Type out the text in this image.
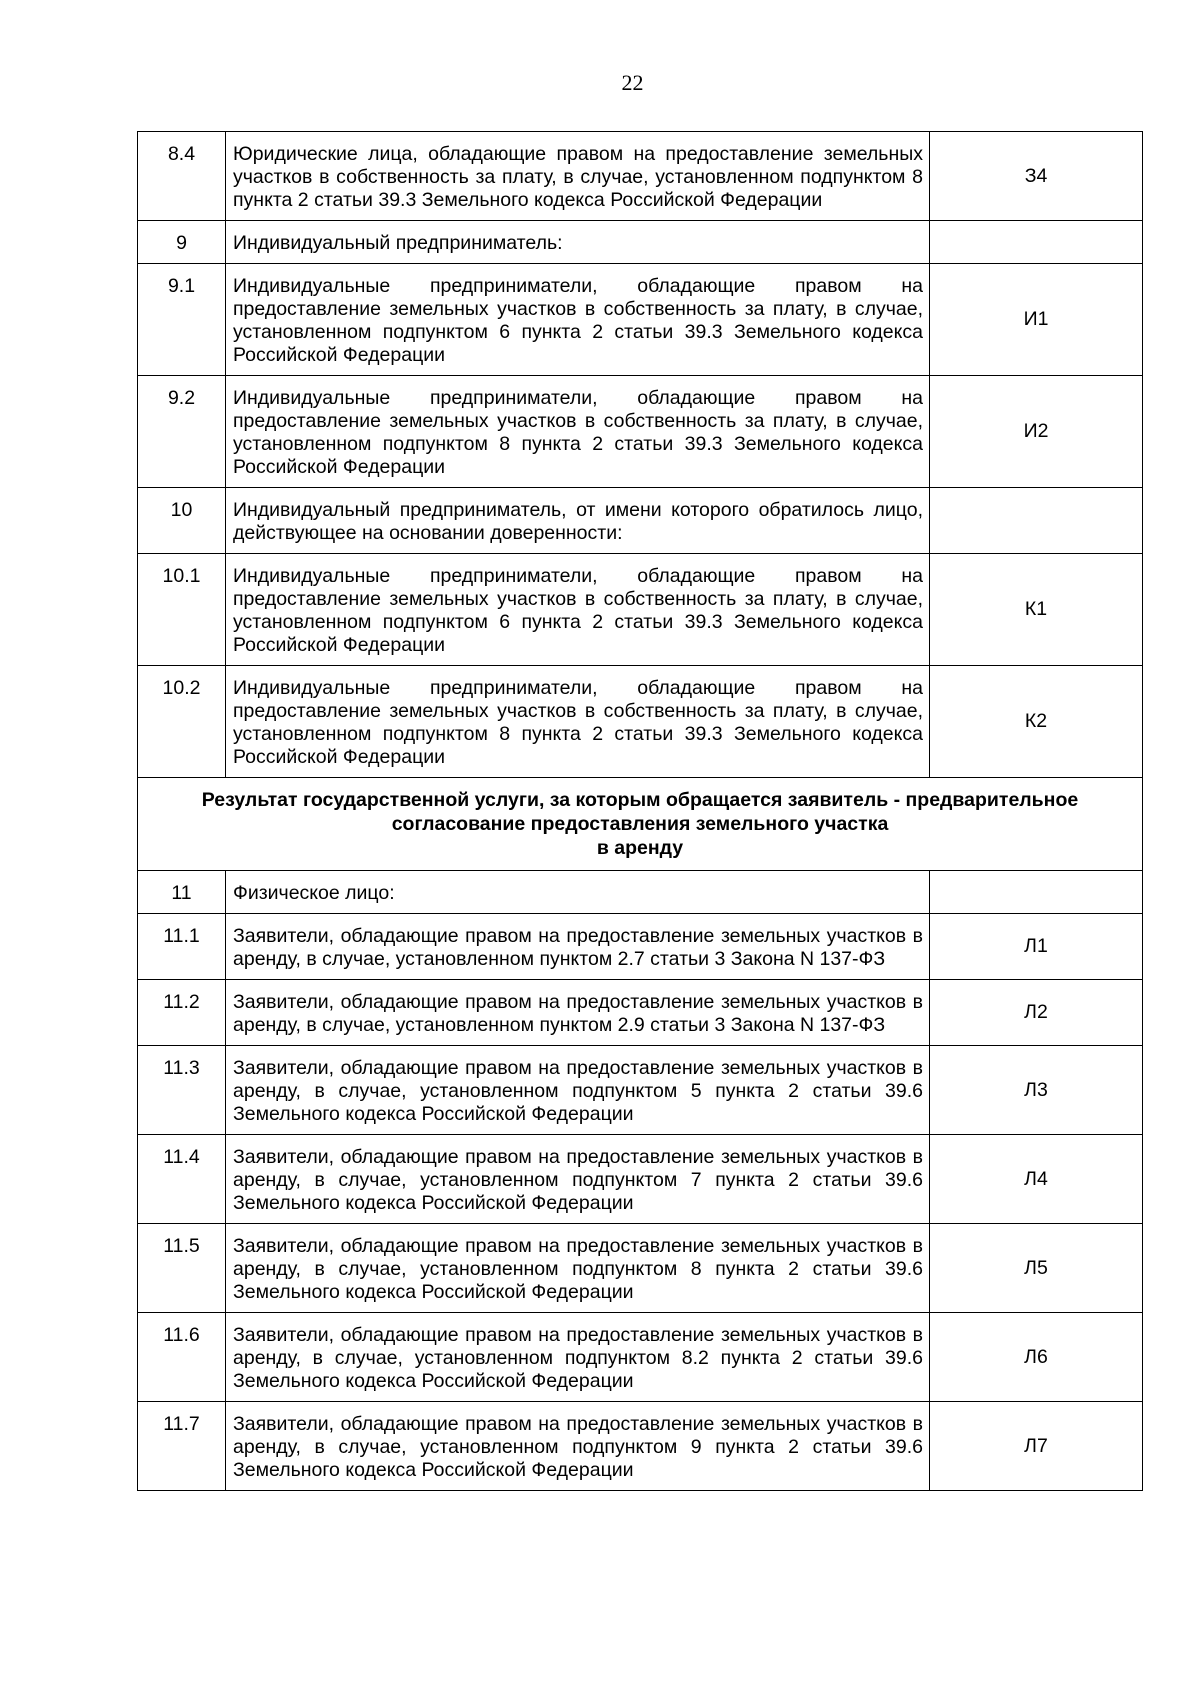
22
8.4	Юридические лица, обладающие правом на предоставление земельных участков в собственность за плату, в случае, установленном подпунктом 8 пункта 2 статьи 39.3 Земельного кодекса Российской Федерации	З4
9	Индивидуальный предприниматель:	
9.1	Индивидуальные предприниматели, обладающие правом на предоставление земельных участков в собственность за плату, в случае, установленном подпунктом 6 пункта 2 статьи 39.3 Земельного кодекса Российской Федерации	И1
9.2	Индивидуальные предприниматели, обладающие правом на предоставление земельных участков в собственность за плату, в случае, установленном подпунктом 8 пункта 2 статьи 39.3 Земельного кодекса Российской Федерации	И2
10	Индивидуальный предприниматель, от имени которого обратилось лицо, действующее на основании доверенности:	
10.1	Индивидуальные предприниматели, обладающие правом на предоставление земельных участков в собственность за плату, в случае, установленном подпунктом 6 пункта 2 статьи 39.3 Земельного кодекса Российской Федерации	К1
10.2	Индивидуальные предприниматели, обладающие правом на предоставление земельных участков в собственность за плату, в случае, установленном подпунктом 8 пункта 2 статьи 39.3 Земельного кодекса Российской Федерации	К2

Результат государственной услуги, за которым обращается заявитель - предварительное
согласование предоставления земельного участка
в аренду		

11	Физическое лицо:	
11.1	Заявители, обладающие правом на предоставление земельных участков в аренду, в случае, установленном пунктом 2.7 статьи 3 Закона N 137-ФЗ	Л1
11.2	Заявители, обладающие правом на предоставление земельных участков в аренду, в случае, установленном пунктом 2.9 статьи 3 Закона N 137-ФЗ	Л2
11.3	Заявители, обладающие правом на предоставление земельных участков в аренду, в случае, установленном подпунктом 5 пункта 2 статьи 39.6 Земельного кодекса Российской Федерации	Л3
11.4	Заявители, обладающие правом на предоставление земельных участков в аренду, в случае, установленном подпунктом 7 пункта 2 статьи 39.6 Земельного кодекса Российской Федерации	Л4
11.5	Заявители, обладающие правом на предоставление земельных участков в аренду, в случае, установленном подпунктом 8 пункта 2 статьи 39.6 Земельного кодекса Российской Федерации	Л5
11.6	Заявители, обладающие правом на предоставление земельных участков в аренду, в случае, установленном подпунктом 8.2 пункта 2 статьи 39.6 Земельного кодекса Российской Федерации	Л6
11.7	Заявители, обладающие правом на предоставление земельных участков в аренду, в случае, установленном подпунктом 9 пункта 2 статьи 39.6 Земельного кодекса Российской Федерации	Л7
